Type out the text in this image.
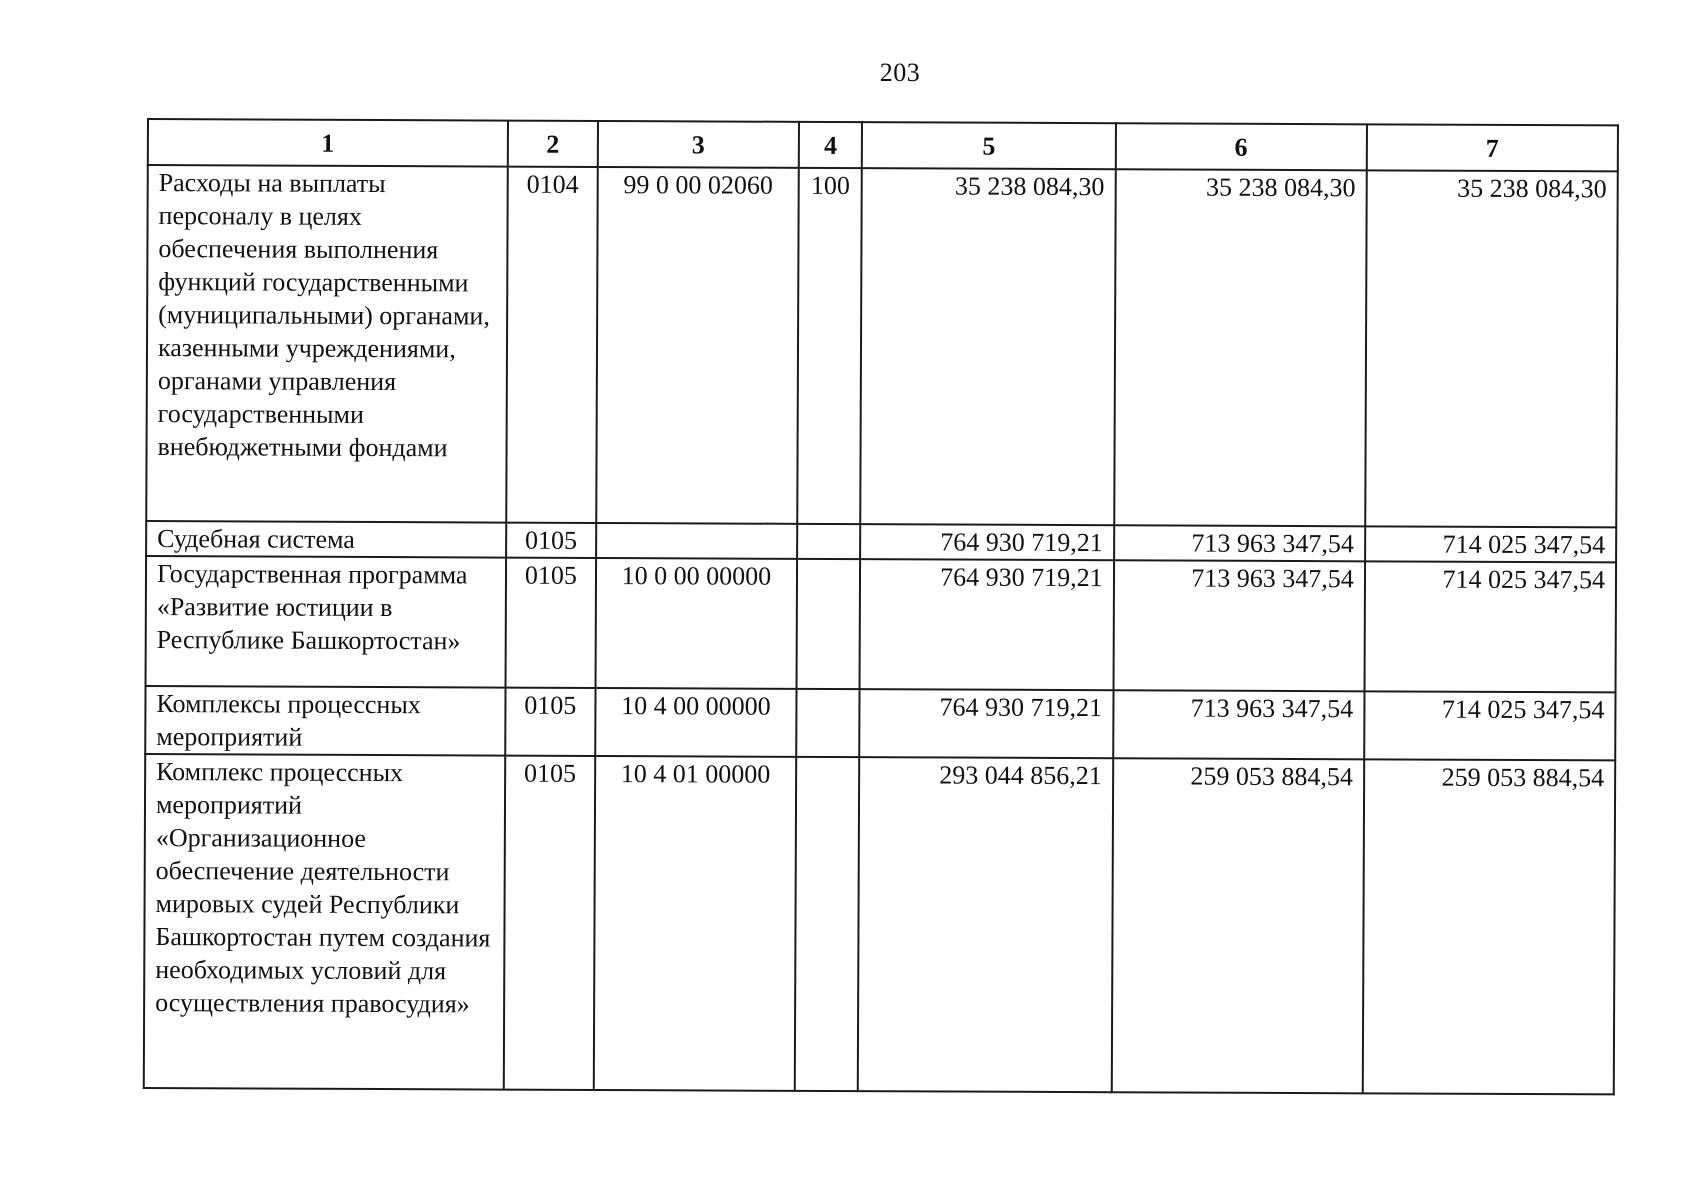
203
1	2	3	4	5	6	7
Расходы на выплаты персоналу в целях обеспечения выполнения функций государственными (муниципальными) органами, казенными учреждениями, органами управления государственными внебюджетными фондами	0104	99 0 00 02060	100	35 238 084,30	35 238 084,30	35 238 084,30
Судебная система	0105			764 930 719,21	713 963 347,54	714 025 347,54
Государственная программа «Развитие юстиции в Республике Башкортостан»	0105	10 0 00 00000		764 930 719,21	713 963 347,54	714 025 347,54
Комплексы процессных мероприятий	0105	10 4 00 00000		764 930 719,21	713 963 347,54	714 025 347,54
Комплекс процессных мероприятий «Организационное обеспечение деятельности мировых судей Республики Башкортостан путем создания необходимых условий для осуществления правосудия»	0105	10 4 01 00000		293 044 856,21	259 053 884,54	259 053 884,54
